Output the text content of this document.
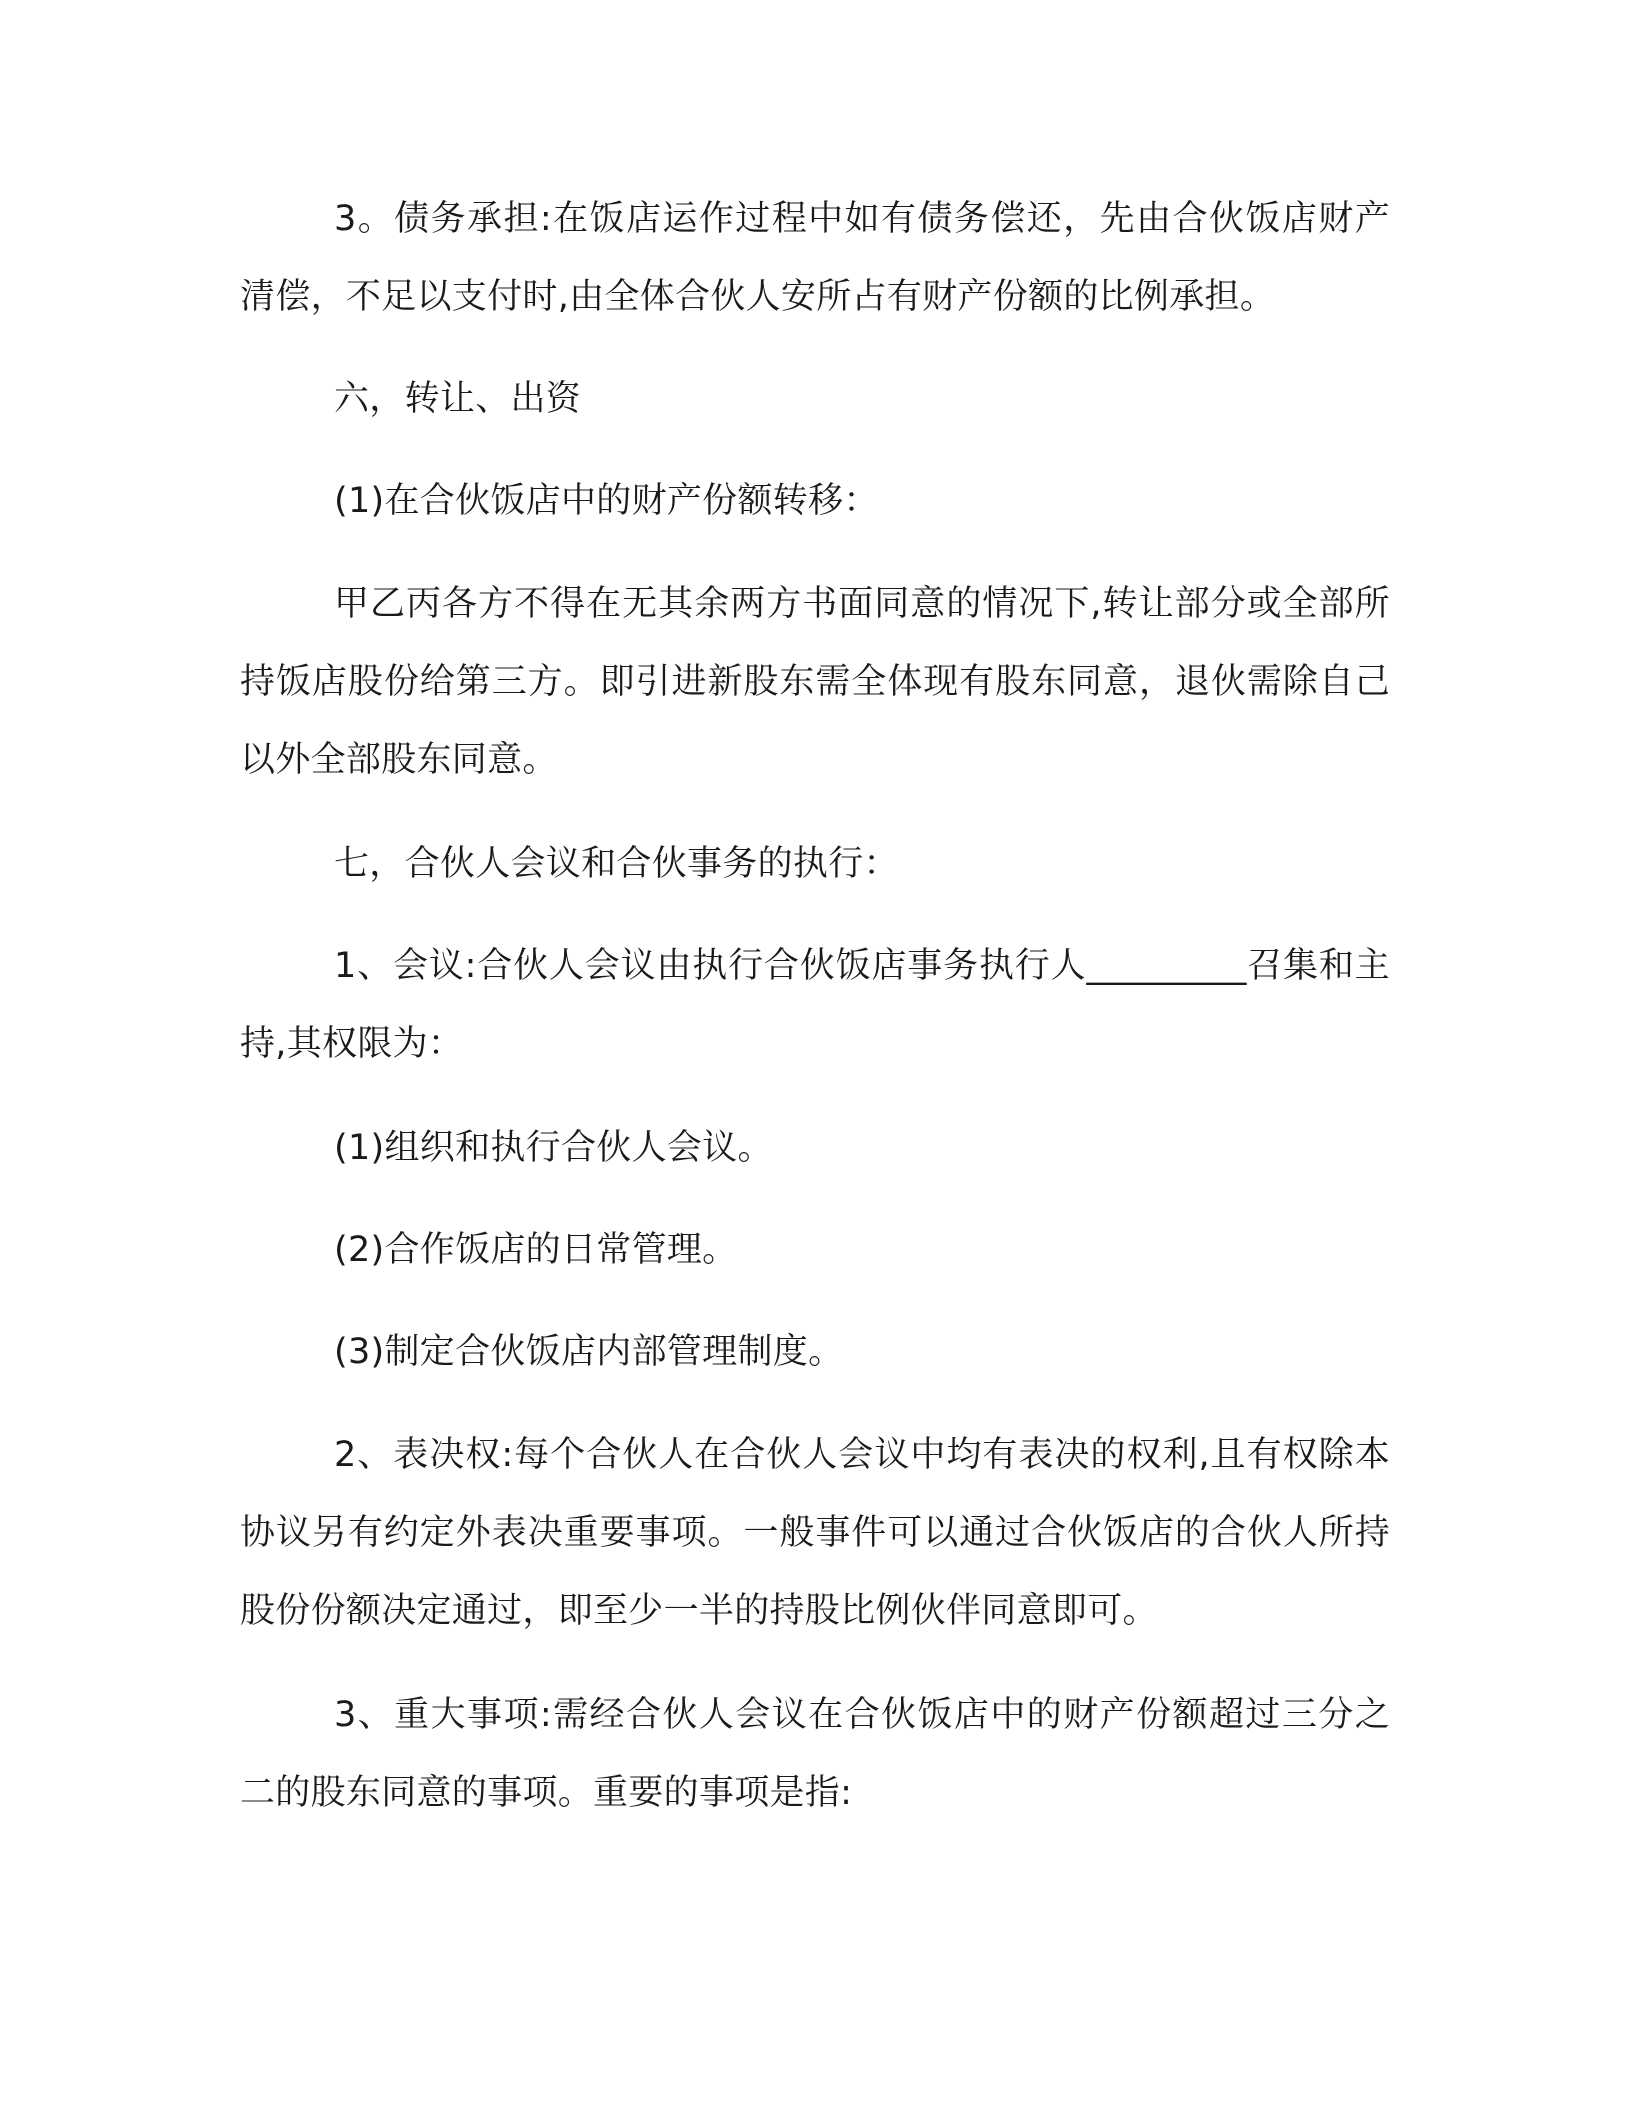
3。债务承担:在饭店运作过程中如有债务偿还，先由合伙饭店财产清偿，不足以支付时,由全体合伙人安所占有财产份额的比例承担。

六，转让、出资

(1)在合伙饭店中的财产份额转移：

甲乙丙各方不得在无其余两方书面同意的情况下,转让部分或全部所持饭店股份给第三方。即引进新股东需全体现有股东同意，退伙需除自己以外全部股东同意。

七，合伙人会议和合伙事务的执行：

1、会议:合伙人会议由执行合伙饭店事务执行人_________召集和主持,其权限为：

(1)组织和执行合伙人会议。

(2)合作饭店的日常管理。

(3)制定合伙饭店内部管理制度。

2、表决权:每个合伙人在合伙人会议中均有表决的权利,且有权除本协议另有约定外表决重要事项。一般事件可以通过合伙饭店的合伙人所持股份份额决定通过，即至少一半的持股比例伙伴同意即可。

3、重大事项:需经合伙人会议在合伙饭店中的财产份额超过三分之二的股东同意的事项。重要的事项是指:
